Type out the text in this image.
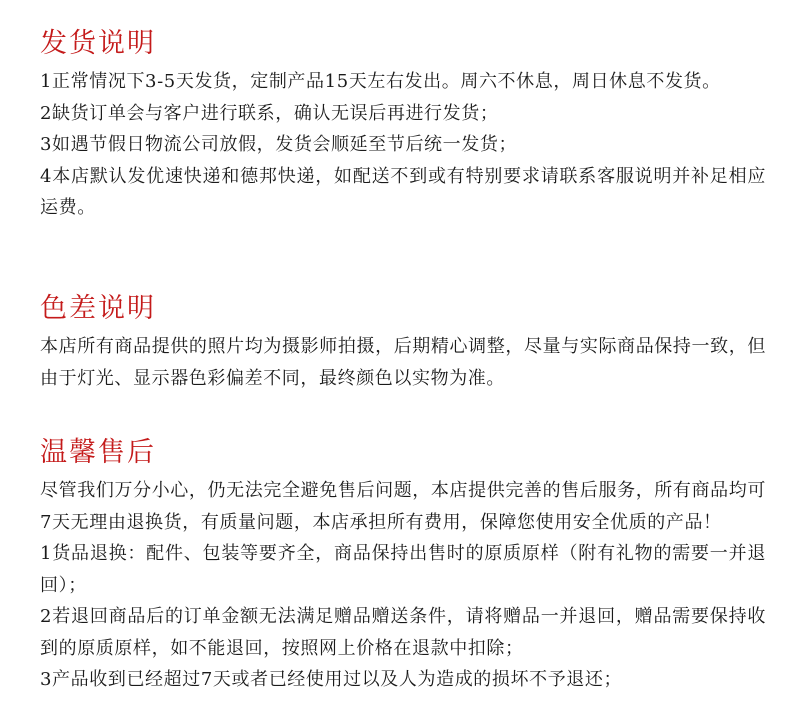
发货说明

1正常情况下3-5天发货，定制产品15天左右发出。周六不休息，周日休息不发货。

2缺货订单会与客户进行联系，确认无误后再进行发货；

3如遇节假日物流公司放假，发货会顺延至节后统一发货；

4本店默认发优速快递和德邦快递，如配送不到或有特别要求请联系客服说明并补足相应运费。

色差说明

本店所有商品提供的照片均为摄影师拍摄，后期精心调整，尽量与实际商品保持一致，但由于灯光、显示器色彩偏差不同，最终颜色以实物为准。

温馨售后

尽管我们万分小心，仍无法完全避免售后问题，本店提供完善的售后服务，所有商品均可7天无理由退换货，有质量问题，本店承担所有费用，保障您使用安全优质的产品！

1货品退换：配件、包装等要齐全，商品保持出售时的原质原样（附有礼物的需要一并退回）；

2若退回商品后的订单金额无法满足赠品赠送条件，请将赠品一并退回，赠品需要保持收到的原质原样，如不能退回，按照网上价格在退款中扣除；

3产品收到已经超过7天或者已经使用过以及人为造成的损坏不予退还；
